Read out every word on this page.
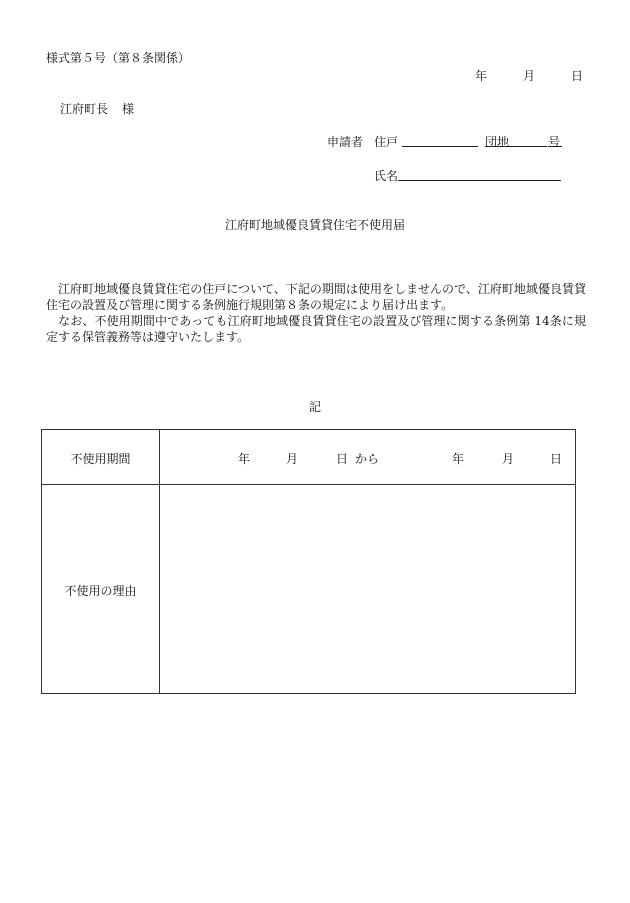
様式第５号（第８条関係）
年	月	日
江府町長 様
申請者 住戸	団地	号
氏名
江府町地域優良賃貸住宅不使用届
江府町地域優良賃貸住宅の住戸について、下記の期間は使用をしませんので、江府町地域優良賃貸住宅の設置及び管理に関する条例施行規則第８条の規定により届け出ます。
なお、不使用期間中であっても江府町地域優良賃貸住宅の設置及び管理に関する条例第 14条に規定する保管義務等は遵守いたします。
記
不使用期間	年	月	日 から	年	月	日
不使用の理由
